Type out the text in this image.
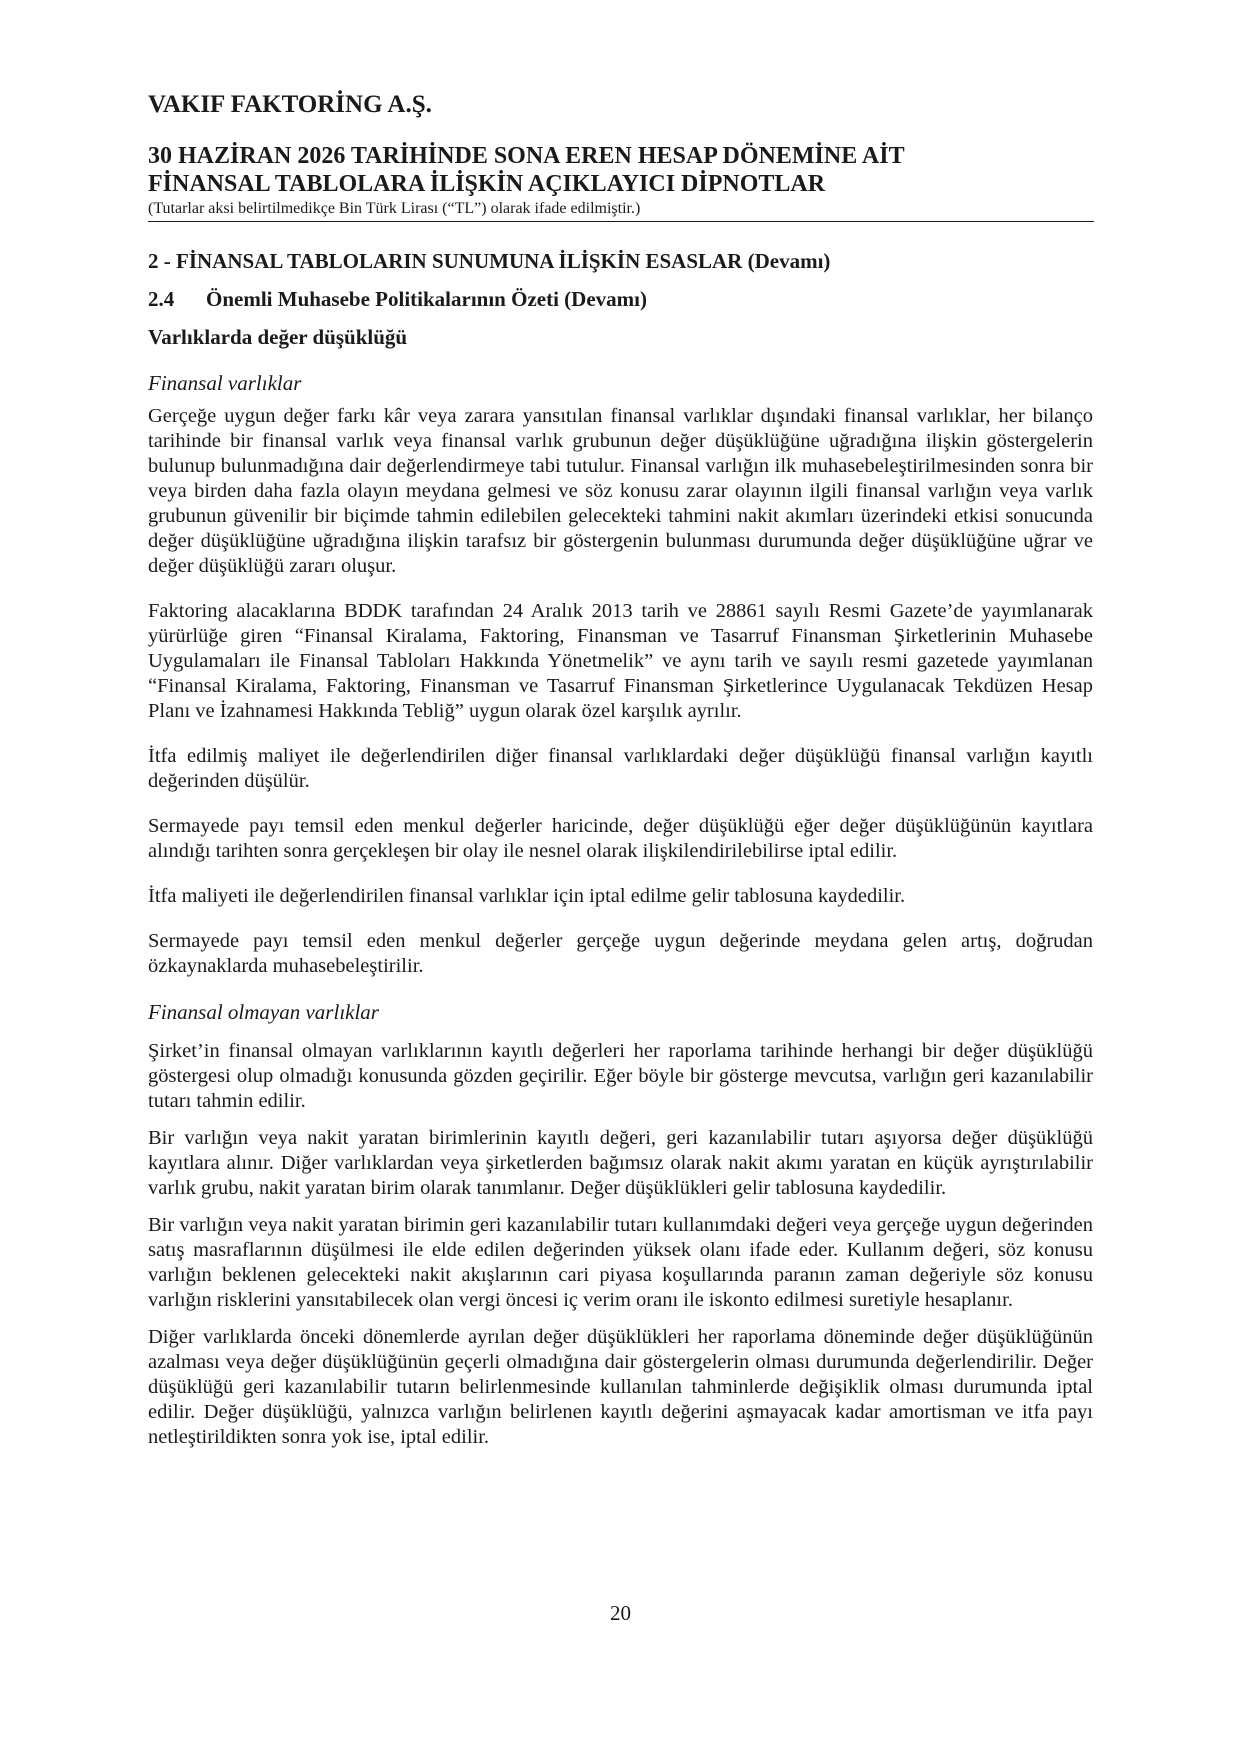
VAKIF FAKTORİNG A.Ş.
30 HAZİRAN 2026 TARİHİNDE SONA EREN HESAP DÖNEMİNE AİT
FİNANSAL TABLOLARA İLİŞKİN AÇIKLAYICI DİPNOTLAR
(Tutarlar aksi belirtilmedikçe Bin Türk Lirası (“TL”) olarak ifade edilmiştir.)
2 - FİNANSAL TABLOLARIN SUNUMUNA İLİŞKİN ESASLAR (Devamı)
2.4	Önemli Muhasebe Politikalarının Özeti (Devamı)
Varlıklarda değer düşüklüğü
Finansal varlıklar

Gerçeğe uygun değer farkı kâr veya zarara yansıtılan finansal varlıklar dışındaki finansal varlıklar, her bilanço tarihinde bir finansal varlık veya finansal varlık grubunun değer düşüklüğüne uğradığına ilişkin göstergelerin bulunup bulunmadığına dair değerlendirmeye tabi tutulur. Finansal varlığın ilk muhasebeleştirilmesinden sonra bir veya birden daha fazla olayın meydana gelmesi ve söz konusu zarar olayının ilgili finansal varlığın veya varlık grubunun güvenilir bir biçimde tahmin edilebilen gelecekteki tahmini nakit akımları üzerindeki etkisi sonucunda değer düşüklüğüne uğradığına ilişkin tarafsız bir göstergenin bulunması durumunda değer düşüklüğüne uğrar ve değer düşüklüğü zararı oluşur.

Faktoring alacaklarına BDDK tarafından 24 Aralık 2013 tarih ve 28861 sayılı Resmi Gazete’de yayımlanarak yürürlüğe giren “Finansal Kiralama, Faktoring, Finansman ve Tasarruf Finansman Şirketlerinin Muhasebe Uygulamaları ile Finansal Tabloları Hakkında Yönetmelik” ve aynı tarih ve sayılı resmi gazetede yayımlanan “Finansal Kiralama, Faktoring, Finansman ve Tasarruf Finansman Şirketlerince Uygulanacak Tekdüzen Hesap Planı ve İzahnamesi Hakkında Tebliğ” uygun olarak özel karşılık ayrılır.

İtfa edilmiş maliyet ile değerlendirilen diğer finansal varlıklardaki değer düşüklüğü finansal varlığın kayıtlı değerinden düşülür.

Sermayede payı temsil eden menkul değerler haricinde, değer düşüklüğü eğer değer düşüklüğünün kayıtlara alındığı tarihten sonra gerçekleşen bir olay ile nesnel olarak ilişkilendirilebilirse iptal edilir.

İtfa maliyeti ile değerlendirilen finansal varlıklar için iptal edilme gelir tablosuna kaydedilir.

Sermayede payı temsil eden menkul değerler gerçeğe uygun değerinde meydana gelen artış, doğrudan özkaynaklarda muhasebeleştirilir.

Finansal olmayan varlıklar

Şirket’in finansal olmayan varlıklarının kayıtlı değerleri her raporlama tarihinde herhangi bir değer düşüklüğü göstergesi olup olmadığı konusunda gözden geçirilir. Eğer böyle bir gösterge mevcutsa, varlığın geri kazanılabilir tutarı tahmin edilir.

Bir varlığın veya nakit yaratan birimlerinin kayıtlı değeri, geri kazanılabilir tutarı aşıyorsa değer düşüklüğü kayıtlara alınır. Diğer varlıklardan veya şirketlerden bağımsız olarak nakit akımı yaratan en küçük ayrıştırılabilir varlık grubu, nakit yaratan birim olarak tanımlanır. Değer düşüklükleri gelir tablosuna kaydedilir.

Bir varlığın veya nakit yaratan birimin geri kazanılabilir tutarı kullanımdaki değeri veya gerçeğe uygun değerinden satış masraflarının düşülmesi ile elde edilen değerinden yüksek olanı ifade eder. Kullanım değeri, söz konusu varlığın beklenen gelecekteki nakit akışlarının cari piyasa koşullarında paranın zaman değeriyle söz konusu varlığın risklerini yansıtabilecek olan vergi öncesi iç verim oranı ile iskonto edilmesi suretiyle hesaplanır.

Diğer varlıklarda önceki dönemlerde ayrılan değer düşüklükleri her raporlama döneminde değer düşüklüğünün azalması veya değer düşüklüğünün geçerli olmadığına dair göstergelerin olması durumunda değerlendirilir. Değer düşüklüğü geri kazanılabilir tutarın belirlenmesinde kullanılan tahminlerde değişiklik olması durumunda iptal edilir. Değer düşüklüğü, yalnızca varlığın belirlenen kayıtlı değerini aşmayacak kadar amortisman ve itfa payı netleştirildikten sonra yok ise, iptal edilir.

20
